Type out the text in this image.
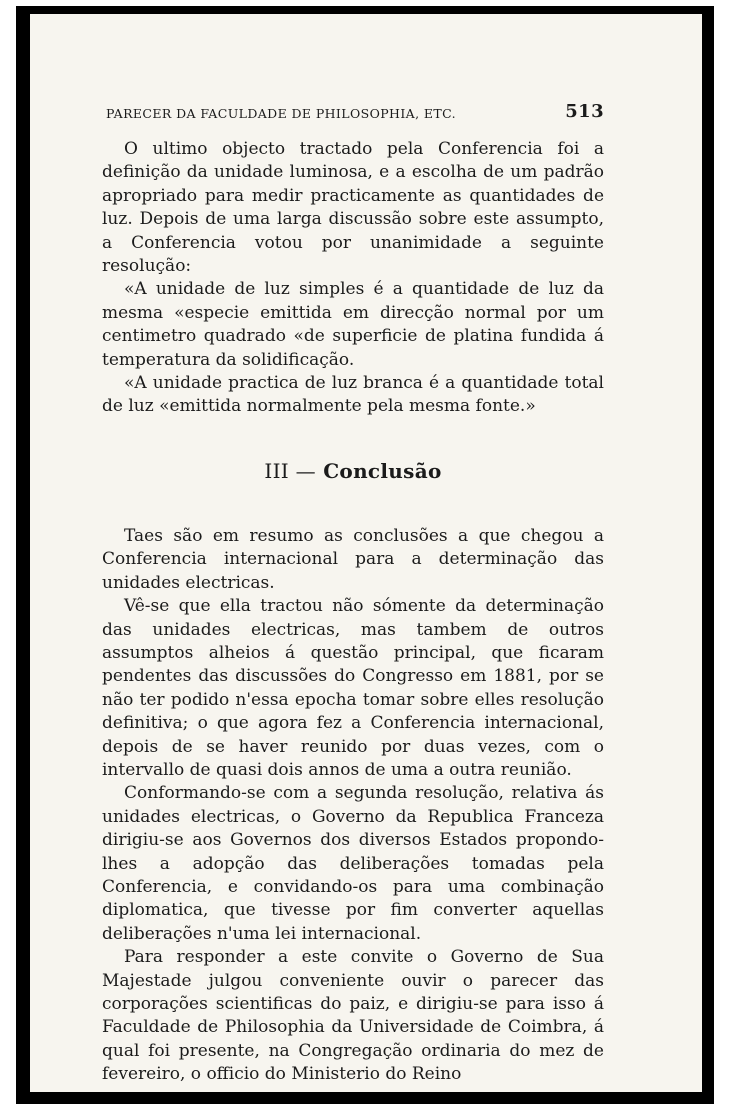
PARECER DA FACULDADE DE PHILOSOPHIA, ETC.	513

O ultimo objecto tractado pela Conferencia foi a definição da unidade luminosa, e a escolha de um padrão apropriado para medir practicamente as quantidades de luz. Depois de uma larga discussão sobre este assumpto, a Conferencia votou por unanimidade a seguinte resolução:

«A unidade de luz simples é a quantidade de luz da mesma «especie emittida em direcção normal por um centimetro quadrado «de superficie de platina fundida á temperatura da solidificação.

«A unidade practica de luz branca é a quantidade total de luz «emittida normalmente pela mesma fonte.»

III — Conclusão

Taes são em resumo as conclusões a que chegou a Conferencia internacional para a determinação das unidades electricas.

Vê-se que ella tractou não sómente da determinação das unidades electricas, mas tambem de outros assumptos alheios á questão principal, que ficaram pendentes das discussões do Congresso em 1881, por se não ter podido n'essa epocha tomar sobre elles resolução definitiva; o que agora fez a Conferencia internacional, depois de se haver reunido por duas vezes, com o intervallo de quasi dois annos de uma a outra reunião.

Conformando-se com a segunda resolução, relativa ás unidades electricas, o Governo da Republica Franceza dirigiu-se aos Governos dos diversos Estados propondo-lhes a adopção das deliberações tomadas pela Conferencia, e convidando-os para uma combinação diplomatica, que tivesse por fim converter aquellas deliberações n'uma lei internacional.

Para responder a este convite o Governo de Sua Majestade julgou conveniente ouvir o parecer das corporações scientificas do paiz, e dirigiu-se para isso á Faculdade de Philosophia da Universidade de Coimbra, á qual foi presente, na Congregação ordinaria do mez de fevereiro, o officio do Ministerio do Reino
